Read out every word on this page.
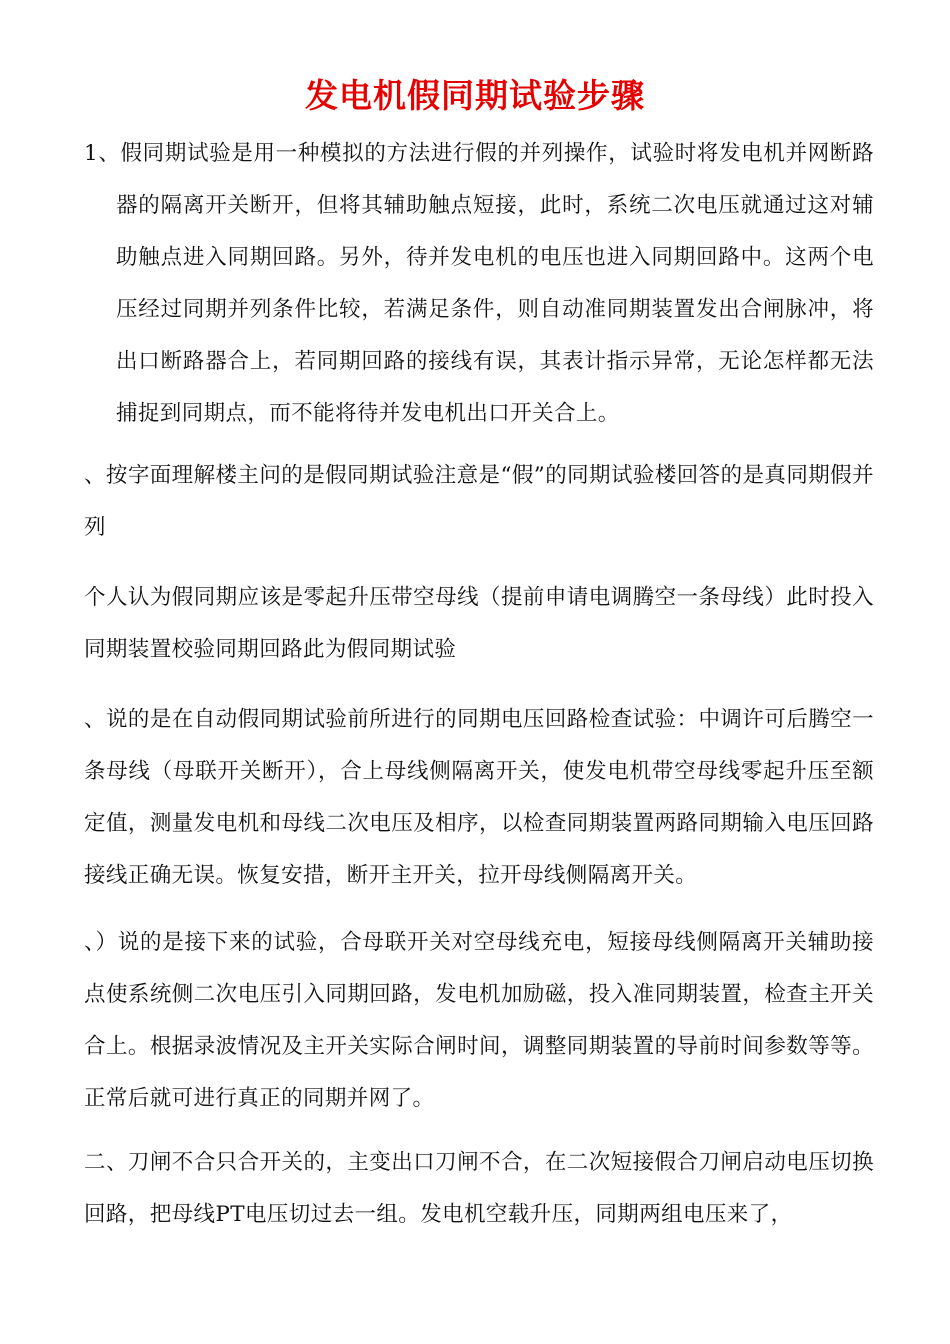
发电机假同期试验步骤

1、假同期试验是用一种模拟的方法进行假的并列操作，试验时将发电机并网断路器的隔离开关断开，但将其辅助触点短接，此时，系统二次电压就通过这对辅助触点进入同期回路。另外，待并发电机的电压也进入同期回路中。这两个电压经过同期并列条件比较，若满足条件，则自动准同期装置发出合闸脉冲，将出口断路器合上，若同期回路的接线有误，其表计指示异常，无论怎样都无法捕捉到同期点，而不能将待并发电机出口开关合上。

、按字面理解楼主问的是假同期试验注意是“假”的同期试验楼回答的是真同期假并列

个人认为假同期应该是零起升压带空母线（提前申请电调腾空一条母线）此时投入同期装置校验同期回路此为假同期试验

、说的是在自动假同期试验前所进行的同期电压回路检查试验：中调许可后腾空一条母线（母联开关断开），合上母线侧隔离开关，使发电机带空母线零起升压至额定值，测量发电机和母线二次电压及相序，以检查同期装置两路同期输入电压回路接线正确无误。恢复安措，断开主开关，拉开母线侧隔离开关。

、）说的是接下来的试验，合母联开关对空母线充电，短接母线侧隔离开关辅助接点使系统侧二次电压引入同期回路，发电机加励磁，投入准同期装置，检查主开关合上。根据录波情况及主开关实际合闸时间，调整同期装置的导前时间参数等等。正常后就可进行真正的同期并网了。

二、刀闸不合只合开关的，主变出口刀闸不合，在二次短接假合刀闸启动电压切换回路，把母线PT电压切过去一组。发电机空载升压，同期两组电压来了，
